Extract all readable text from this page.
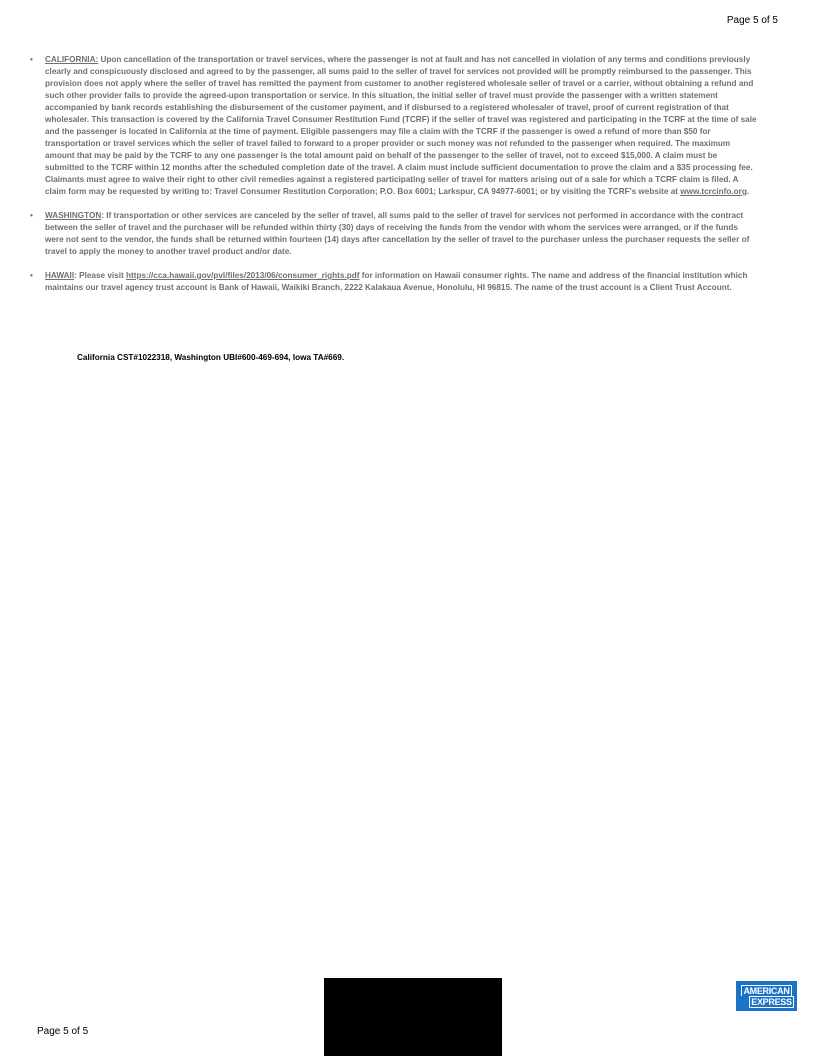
Page 5 of 5
• CALIFORNIA: Upon cancellation of the transportation or travel services, where the passenger is not at fault and has not cancelled in violation of any terms and conditions previously clearly and conspicuously disclosed and agreed to by the passenger, all sums paid to the seller of travel for services not provided will be promptly reimbursed to the passenger. This provision does not apply where the seller of travel has remitted the payment from customer to another registered wholesale seller of travel or a carrier, without obtaining a refund and such other provider fails to provide the agreed-upon transportation or service. In this situation, the initial seller of travel must provide the passenger with a written statement accompanied by bank records establishing the disbursement of the customer payment, and if disbursed to a registered wholesaler of travel, proof of current registration of that wholesaler. This transaction is covered by the California Travel Consumer Restitution Fund (TCRF) if the seller of travel was registered and participating in the TCRF at the time of sale and the passenger is located in California at the time of payment. Eligible passengers may file a claim with the TCRF if the passenger is owed a refund of more than $50 for transportation or travel services which the seller of travel failed to forward to a proper provider or such money was not refunded to the passenger when required. The maximum amount that may be paid by the TCRF to any one passenger is the total amount paid on behalf of the passenger to the seller of travel, not to exceed $15,000. A claim must be submitted to the TCRF within 12 months after the scheduled completion date of the travel. A claim must include sufficient documentation to prove the claim and a $35 processing fee. Claimants must agree to waive their right to other civil remedies against a registered participating seller of travel for matters arising out of a sale for which a TCRF claim is filed. A claim form may be requested by writing to: Travel Consumer Restitution Corporation; P.O. Box 6001; Larkspur, CA 94977-6001; or by visiting the TCRF's website at www.tcrcinfo.org.
• WASHINGTON: If transportation or other services are canceled by the seller of travel, all sums paid to the seller of travel for services not performed in accordance with the contract between the seller of travel and the purchaser will be refunded within thirty (30) days of receiving the funds from the vendor with whom the services were arranged, or if the funds were not sent to the vendor, the funds shall be returned within fourteen (14) days after cancellation by the seller of travel to the purchaser unless the purchaser requests the seller of travel to apply the money to another travel product and/or date.
• HAWAII: Please visit https://cca.hawaii.gov/pvl/files/2013/06/consumer_rights.pdf for information on Hawaii consumer rights. The name and address of the financial institution which maintains our travel agency trust account is Bank of Hawaii, Waikiki Branch, 2222 Kalakaua Avenue, Honolulu, HI 96815. The name of the trust account is a Client Trust Account.
California CST#1022318, Washington UBI#600-469-694, Iowa TA#669.
Page 5 of 5
AMERICAN
EXPRESS
